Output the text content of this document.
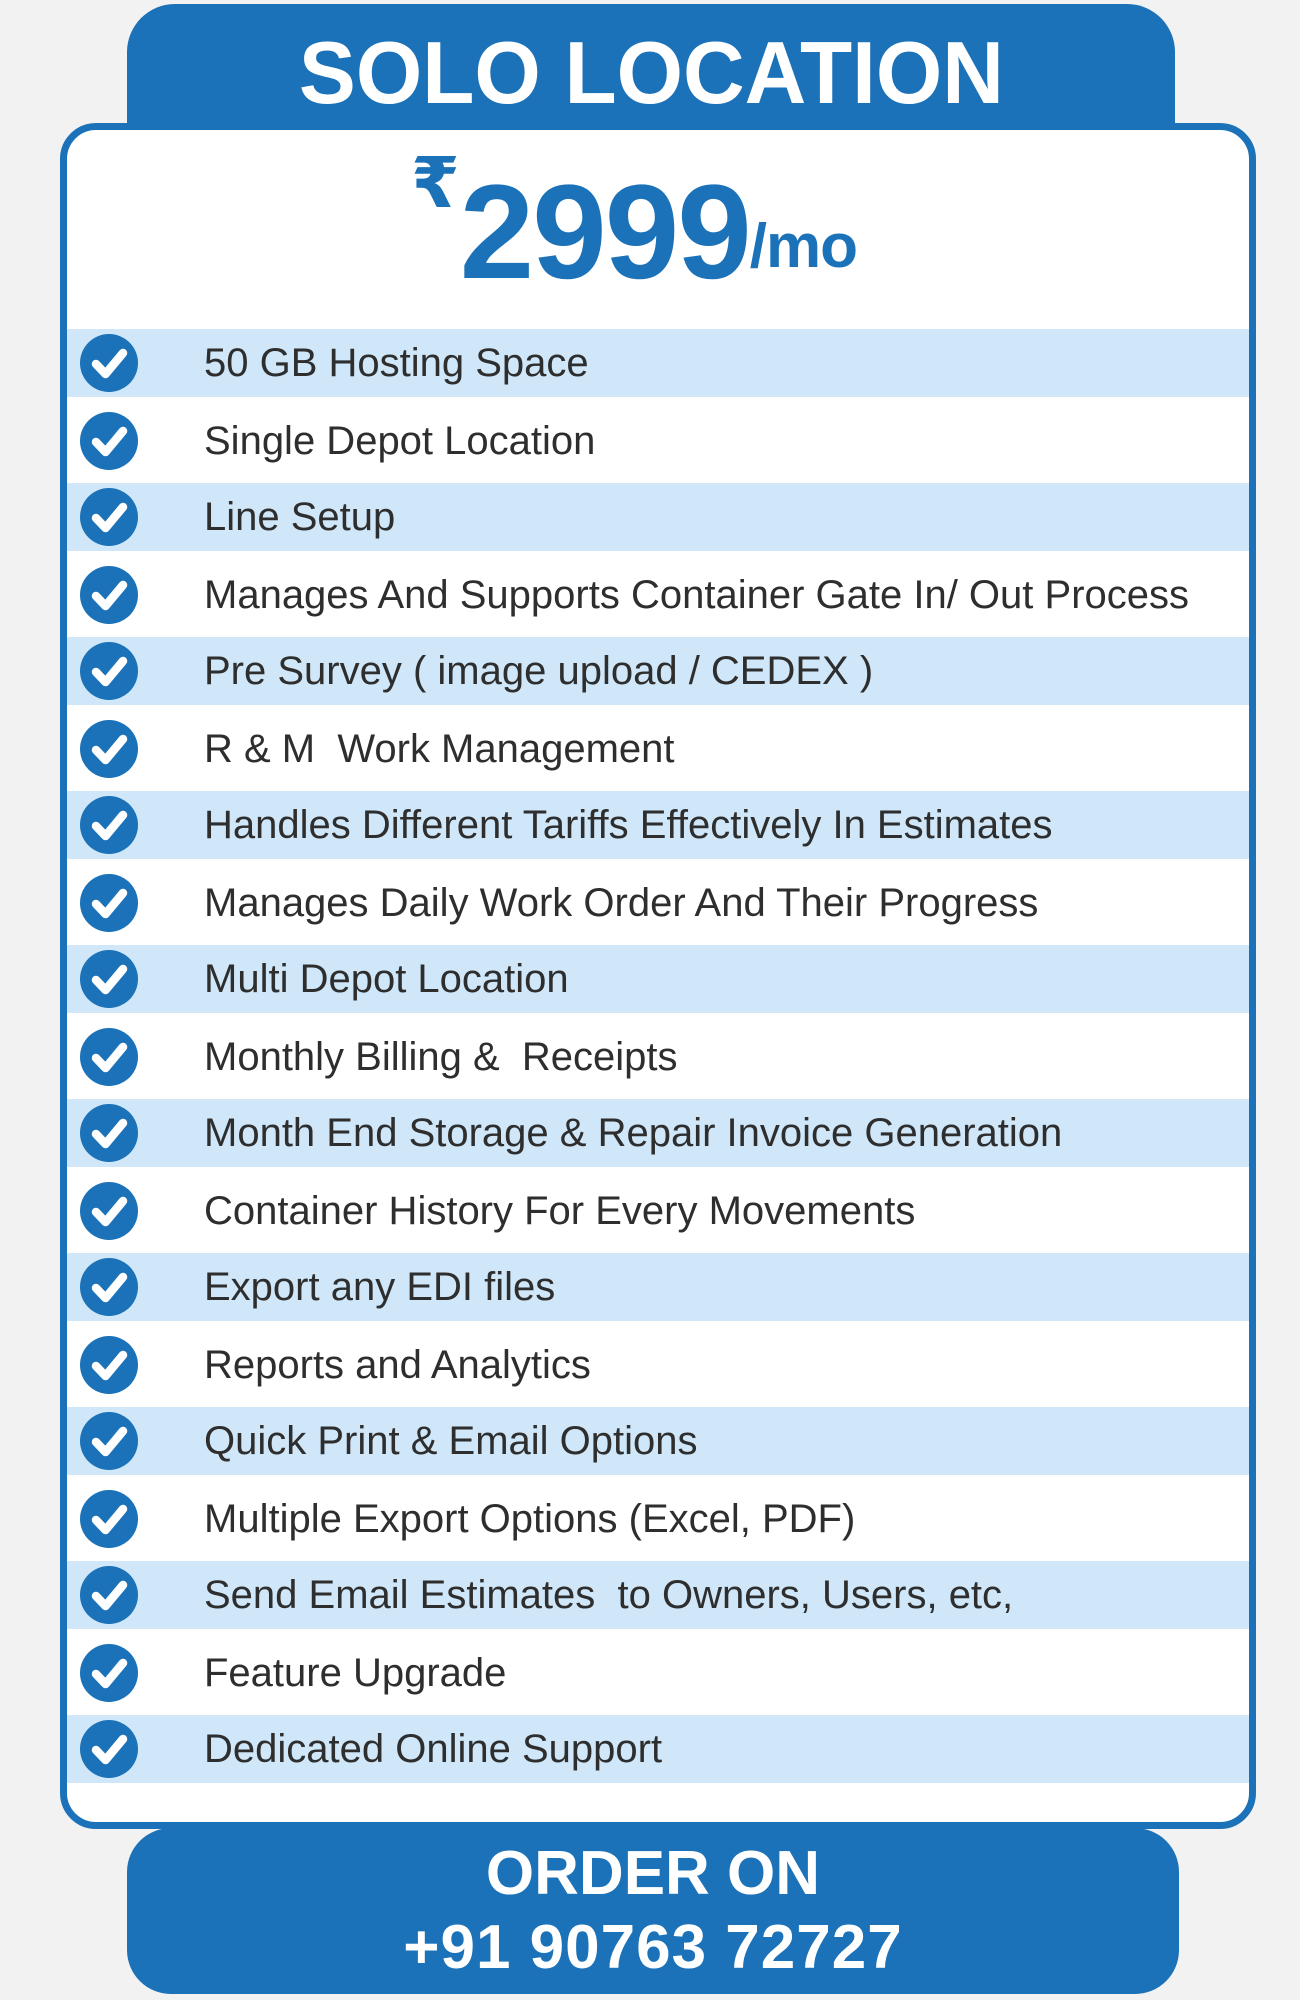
SOLO LOCATION
₹ 2999 /mo
50 GB Hosting Space
Single Depot Location
Line Setup
Manages And Supports Container Gate In/ Out Process
Pre Survey ( image upload / CEDEX )
R & M  Work Management
Handles Different Tariffs Effectively In Estimates
Manages Daily Work Order And Their Progress
Multi Depot Location
Monthly Billing &  Receipts
Month End Storage & Repair Invoice Generation
Container History For Every Movements
Export any EDI files
Reports and Analytics
Quick Print & Email Options
Multiple Export Options (Excel, PDF)
Send Email Estimates  to Owners, Users, etc,
Feature Upgrade
Dedicated Online Support
ORDER ON
+91 90763 72727
